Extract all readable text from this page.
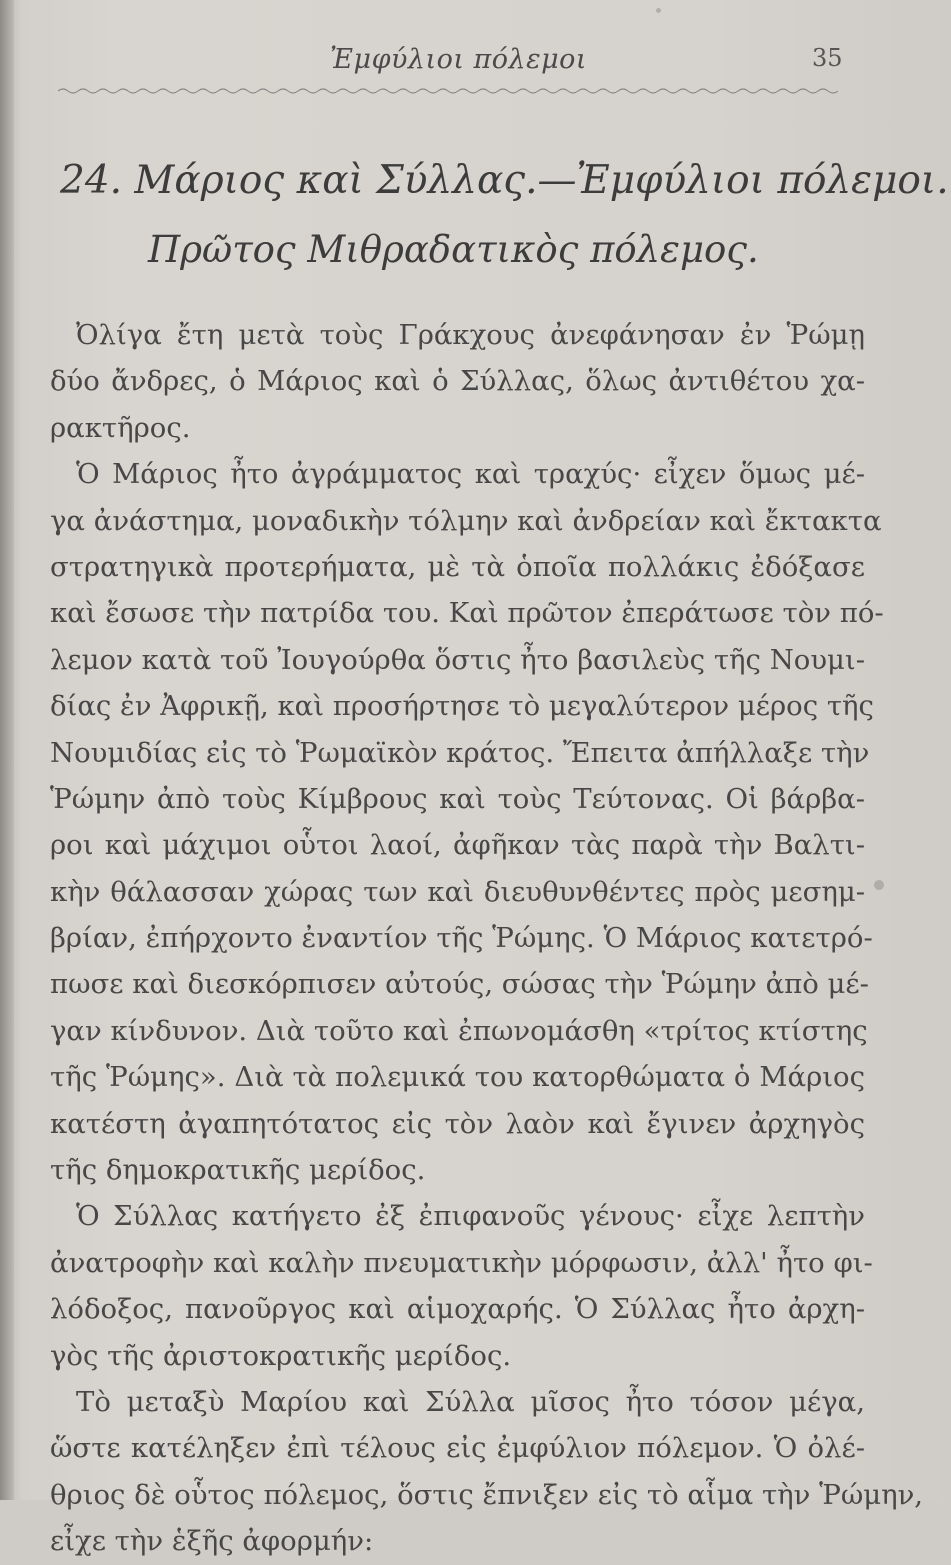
Ἐμφύλιοι πόλεμοι	35
24. Μάριος καὶ Σύλλας.—Ἐμφύλιοι πόλεμοι.
Πρῶτος Μιθραδατικὸς πόλεμος.
Ὀλίγα ἔτη μετὰ τοὺς Γράκχους ἀνεφάνησαν ἐν Ῥώμῃ
δύο ἄνδρες, ὁ Μάριος καὶ ὁ Σύλλας, ὅλως ἀντιθέτου χα-
ρακτῆρος.
Ὁ Μάριος ἦτο ἀγράμματος καὶ τραχύς· εἶχεν ὅμως μέ-
γα ἀνάστημα, μοναδικὴν τόλμην καὶ ἀνδρείαν καὶ ἔκτακτα
στρατηγικὰ προτερήματα, μὲ τὰ ὁποῖα πολλάκις ἐδόξασε
καὶ ἔσωσε τὴν πατρίδα του. Καὶ πρῶτον ἐπεράτωσε τὸν πό-
λεμον κατὰ τοῦ Ἰουγούρθα ὅστις ἦτο βασιλεὺς τῆς Νουμι-
δίας ἐν Ἀφρικῇ, καὶ προσήρτησε τὸ μεγαλύτερον μέρος τῆς
Νουμιδίας εἰς τὸ Ῥωμαϊκὸν κράτος. Ἔπειτα ἀπήλλαξε τὴν
Ῥώμην ἀπὸ τοὺς Κίμβρους καὶ τοὺς Τεύτονας. Οἱ βάρβα-
ροι καὶ μάχιμοι οὗτοι λαοί, ἀφῆκαν τὰς παρὰ τὴν Βαλτι-
κὴν θάλασσαν χώρας των καὶ διευθυνθέντες πρὸς μεσημ-
βρίαν, ἐπήρχοντο ἐναντίον τῆς Ῥώμης. Ὁ Μάριος κατετρό-
πωσε καὶ διεσκόρπισεν αὐτούς, σώσας τὴν Ῥώμην ἀπὸ μέ-
γαν κίνδυνον. Διὰ τοῦτο καὶ ἐπωνομάσθη «τρίτος κτίστης
τῆς Ῥώμης». Διὰ τὰ πολεμικά του κατορθώματα ὁ Μάριος
κατέστη ἀγαπητότατος εἰς τὸν λαὸν καὶ ἔγινεν ἀρχηγὸς
τῆς δημοκρατικῆς μερίδος.
Ὁ Σύλλας κατήγετο ἐξ ἐπιφανοῦς γένους· εἶχε λεπτὴν
ἀνατροφὴν καὶ καλὴν πνευματικὴν μόρφωσιν, ἀλλ' ἦτο φι-
λόδοξος, πανοῦργος καὶ αἱμοχαρής. Ὁ Σύλλας ἦτο ἀρχη-
γὸς τῆς ἀριστοκρατικῆς μερίδος.
Τὸ μεταξὺ Μαρίου καὶ Σύλλα μῖσος ἦτο τόσον μέγα,
ὥστε κατέληξεν ἐπὶ τέλους εἰς ἐμφύλιον πόλεμον. Ὁ ὀλέ-
θριος δὲ οὗτος πόλεμος, ὅστις ἔπνιξεν εἰς τὸ αἷμα τὴν Ῥώμην,
εἶχε τὴν ἑξῆς ἀφορμήν:
